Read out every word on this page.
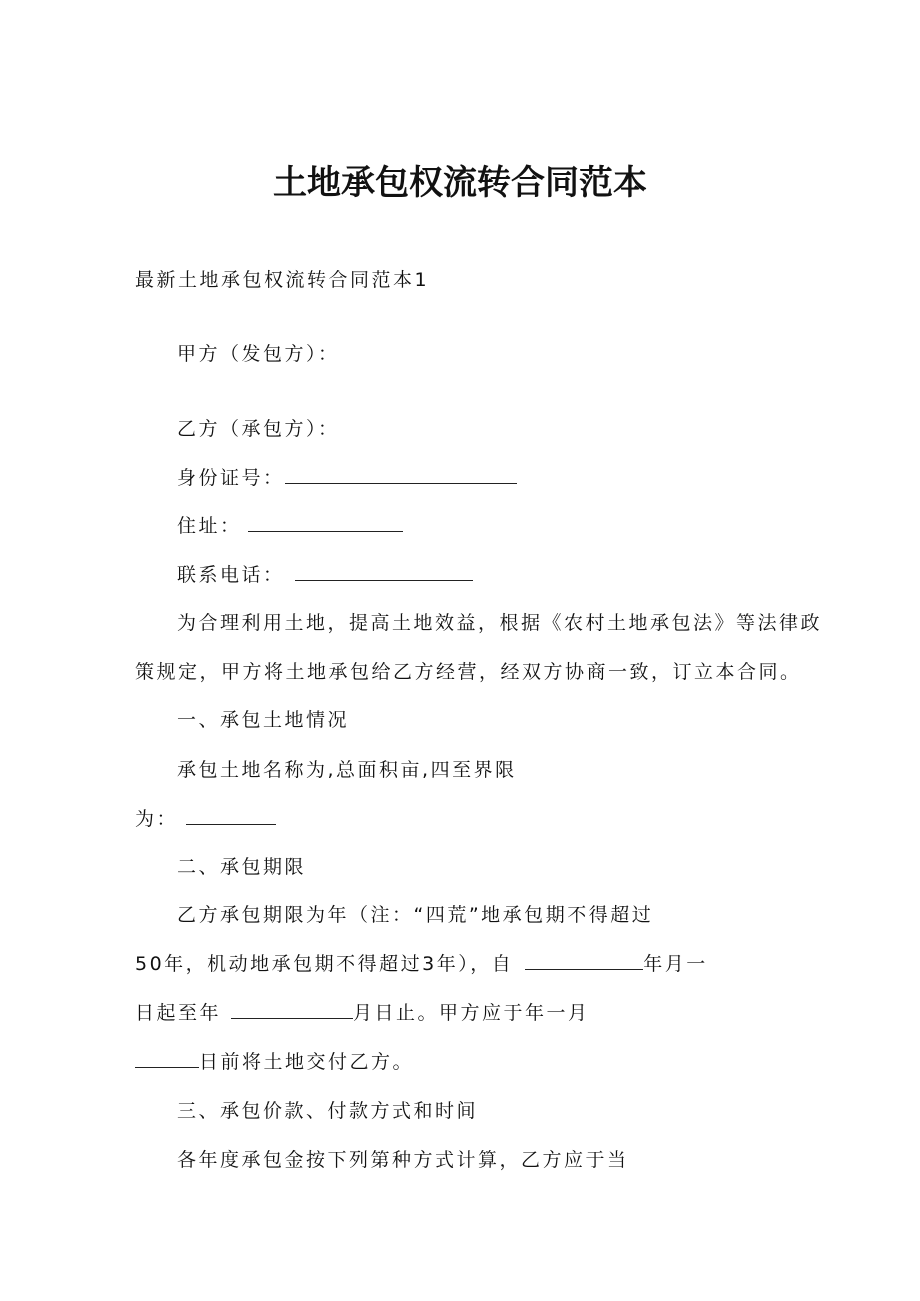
土地承包权流转合同范本
最新土地承包权流转合同范本1
甲方（发包方）：
乙方（承包方）：
身份证号：
住址：
联系电话：
为合理利用土地，提高土地效益，根据《农村土地承包法》等法律政
策规定，甲方将土地承包给乙方经营，经双方协商一致，订立本合同。
一、承包土地情况
承包土地名称为,总面积亩,四至界限
为：
二、承包期限
乙方承包期限为年（注：“四荒”地承包期不得超过
50年，机动地承包期不得超过3年），自	年月一
日起至年	月日止。甲方应于年一月
日前将土地交付乙方。
三、承包价款、付款方式和时间
各年度承包金按下列第种方式计算，乙方应于当
